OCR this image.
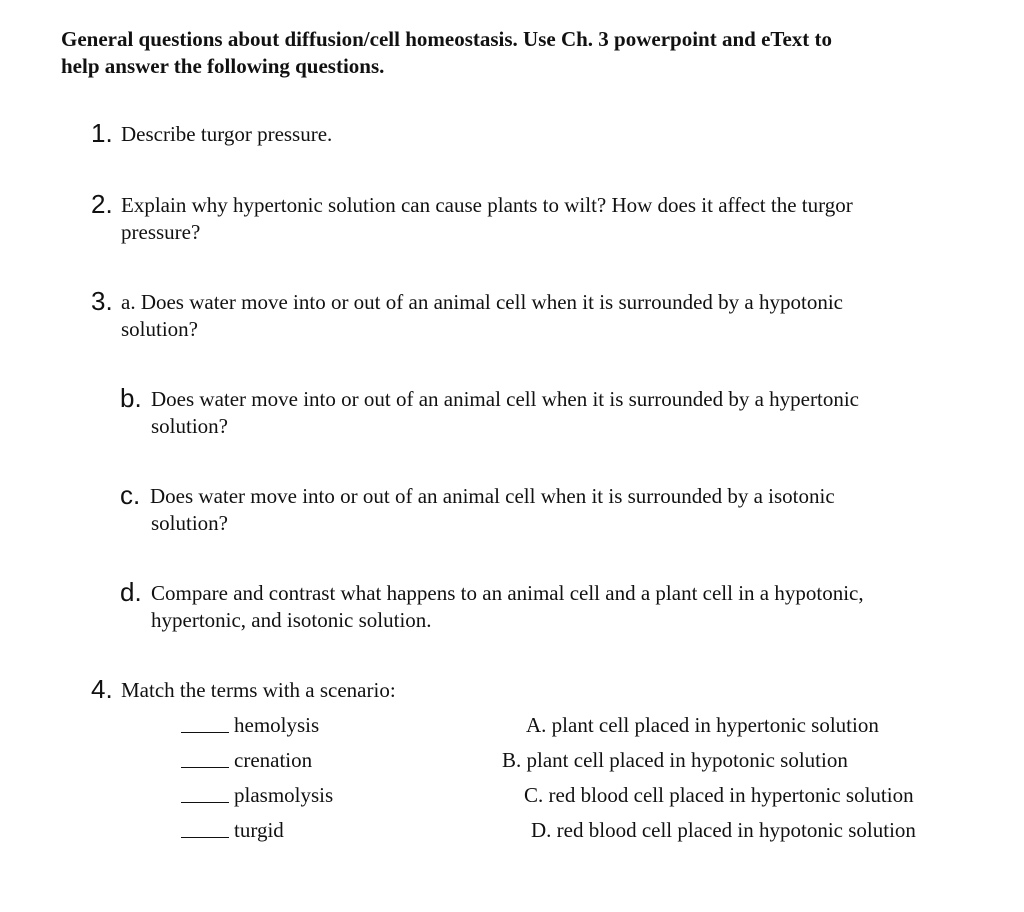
General questions about diffusion/cell homeostasis. Use Ch. 3 powerpoint and eText to
help answer the following questions.
1. Describe turgor pressure.
2. Explain why hypertonic solution can cause plants to wilt? How does it affect the turgor
pressure?
3. a. Does water move into or out of an animal cell when it is surrounded by a hypotonic
solution?
b. Does water move into or out of an animal cell when it is surrounded by a hypertonic
solution?
c. Does water move into or out of an animal cell when it is surrounded by a isotonic
solution?
d. Compare and contrast what happens to an animal cell and a plant cell in a hypotonic,
hypertonic, and isotonic solution.
4. Match the terms with a scenario:
hemolysis
crenation
plasmolysis
turgid
A. plant cell placed in hypertonic solution
B. plant cell placed in hypotonic solution
C. red blood cell placed in hypertonic solution
D. red blood cell placed in hypotonic solution
